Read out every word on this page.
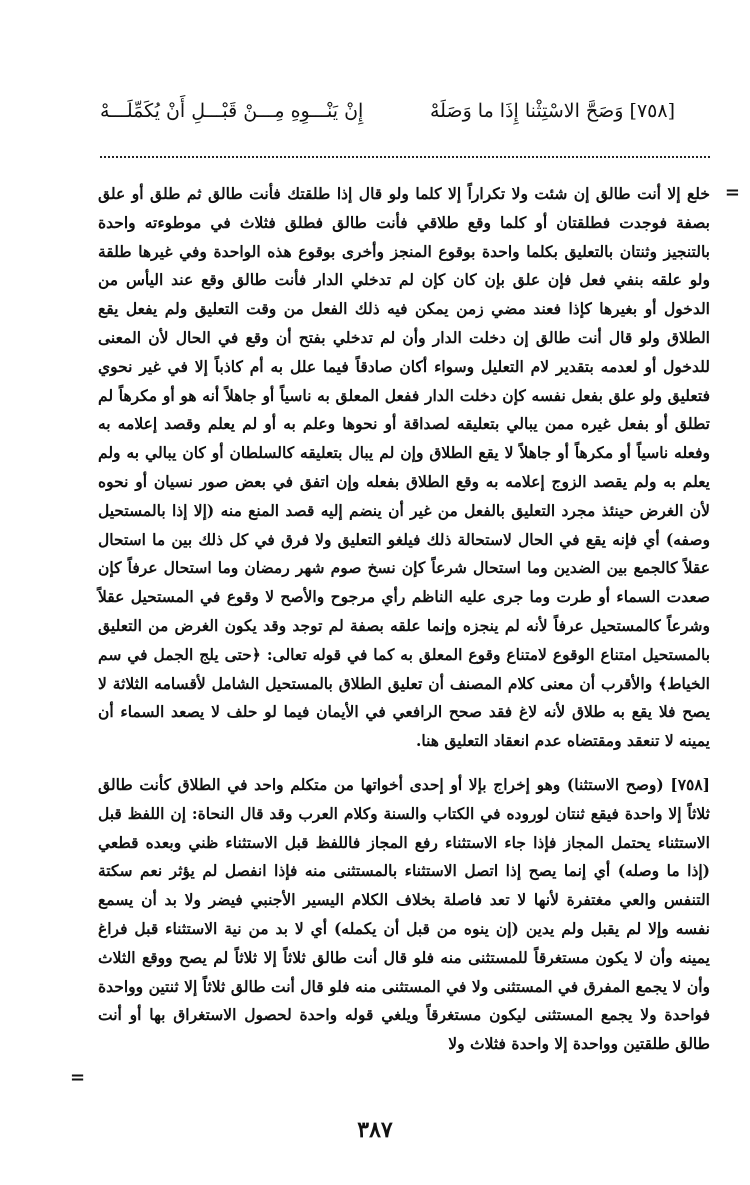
[٧٥٨] وَصَحَّ الاسْتِثْنا إِذَا ما وَصَلَهْ
إِنْ يَنْـــوِهِ مِـــنْ قَبْـــلِ أَنْ يُكَمِّلَـــهْ
=
خلع إلا أنت طالق إن شئت ولا تكراراً إلا كلما ولو قال إذا طلقتك فأنت طالق ثم طلق أو علق بصفة فوجدت فطلقتان أو كلما وقع طلاقي فأنت طالق فطلق فثلاث في موطوءته واحدة بالتنجيز وثنتان بالتعليق بكلما واحدة بوقوع المنجز وأخرى بوقوع هذه الواحدة وفي غيرها طلقة ولو علقه بنفي فعل فإن علق بإن كان كإن لم تدخلي الدار فأنت طالق وقع عند اليأس من الدخول أو بغيرها كإذا فعند مضي زمن يمكن فيه ذلك الفعل من وقت التعليق ولم يفعل يقع الطلاق ولو قال أنت طالق إن دخلت الدار وأن لم تدخلي بفتح أن وقع في الحال لأن المعنى للدخول أو لعدمه بتقدير لام التعليل وسواء أكان صادقاً فيما علل به أم كاذباً إلا في غير نحوي فتعليق ولو علق بفعل نفسه كإن دخلت الدار ففعل المعلق به ناسياً أو جاهلاً أنه هو أو مكرهاً لم تطلق أو بفعل غيره ممن يبالي بتعليقه لصداقة أو نحوها وعلم به أو لم يعلم وقصد إعلامه به وفعله ناسياً أو مكرهاً أو جاهلاً لا يقع الطلاق وإن لم يبال بتعليقه كالسلطان أو كان يبالي به ولم يعلم به ولم يقصد الزوج إعلامه به وقع الطلاق بفعله وإن اتفق في بعض صور نسيان أو نحوه لأن الغرض حينئذ مجرد التعليق بالفعل من غير أن ينضم إليه قصد المنع منه (إلا إذا بالمستحيل وصفه) أي فإنه يقع في الحال لاستحالة ذلك فيلغو التعليق ولا فرق في كل ذلك بين ما استحال عقلاً كالجمع بين الضدين وما استحال شرعاً كإن نسخ صوم شهر رمضان وما استحال عرفاً كإن صعدت السماء أو طرت وما جرى عليه الناظم رأي مرجوح والأصح لا وقوع في المستحيل عقلاً وشرعاً كالمستحيل عرفاً لأنه لم ينجزه وإنما علقه بصفة لم توجد وقد يكون الغرض من التعليق بالمستحيل امتناع الوقوع لامتناع وقوع المعلق به كما في قوله تعالى: ﴿حتى يلج الجمل في سم الخياط﴾ والأقرب أن معنى كلام المصنف أن تعليق الطلاق بالمستحيل الشامل لأقسامه الثلاثة لا يصح فلا يقع به طلاق لأنه لاغ فقد صحح الرافعي في الأيمان فيما لو حلف لا يصعد السماء أن يمينه لا تنعقد ومقتضاه عدم انعقاد التعليق هنا.
[٧٥٨] (وصح الاستثنا) وهو إخراج بإلا أو إحدى أخواتها من متكلم واحد في الطلاق كأنت طالق ثلاثاً إلا واحدة فيقع ثنتان لوروده في الكتاب والسنة وكلام العرب وقد قال النحاة: إن اللفظ قبل الاستثناء يحتمل المجاز فإذا جاء الاستثناء رفع المجاز فاللفظ قبل الاستثناء ظني وبعده قطعي (إذا ما وصله) أي إنما يصح إذا اتصل الاستثناء بالمستثنى منه فإذا انفصل لم يؤثر نعم سكتة التنفس والعي مغتفرة لأنها لا تعد فاصلة بخلاف الكلام اليسير الأجنبي فيضر ولا بد أن يسمع نفسه وإلا لم يقبل ولم يدين (إن ينوه من قبل أن يكمله) أي لا بد من نية الاستثناء قبل فراغ يمينه وأن لا يكون مستغرقاً للمستثنى منه فلو قال أنت طالق ثلاثاً إلا ثلاثاً لم يصح ووقع الثلاث وأن لا يجمع المفرق في المستثنى ولا في المستثنى منه فلو قال أنت طالق ثلاثاً إلا ثنتين وواحدة فواحدة ولا يجمع المستثنى ليكون مستغرقاً ويلغي قوله واحدة لحصول الاستغراق بها أو أنت طالق طلقتين وواحدة إلا واحدة فثلاث ولا
=
٣٨٧
